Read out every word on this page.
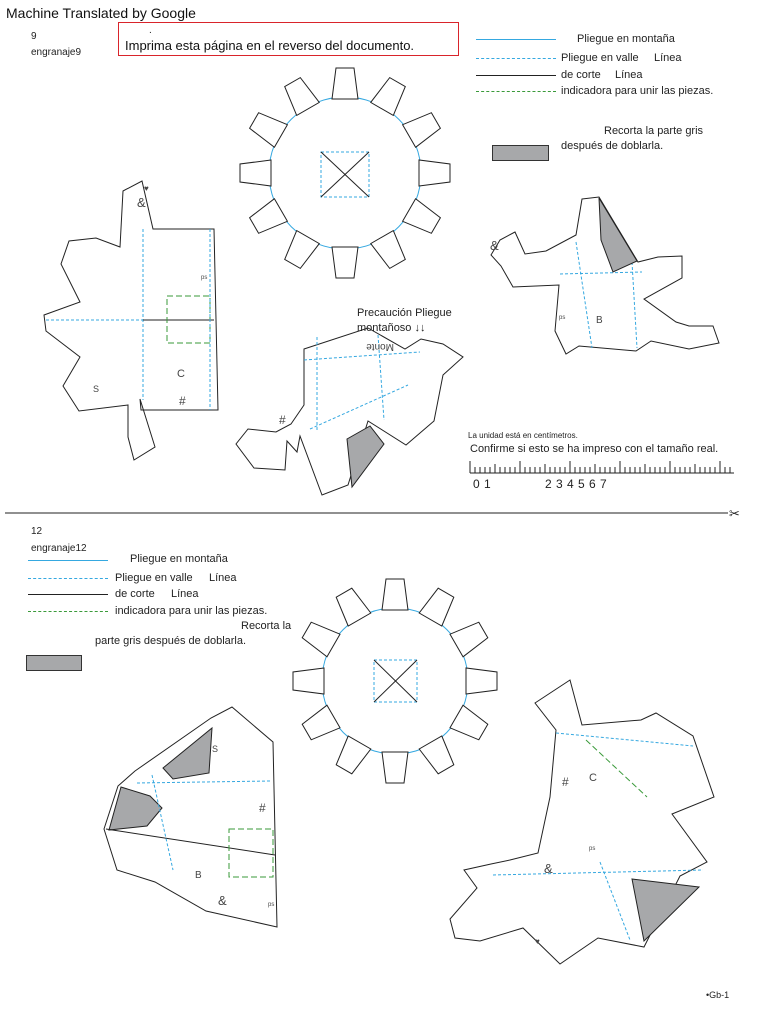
Machine Translated by Google
9
engranaje9
.
Imprima esta página en el reverso del documento.	Pliegue en montaña
Pliegue en valle Línea
de corte Línea
indicadora para unir las piezas.
Recorta la parte gris
después de doblarla.
Precaución Pliegue
montañoso ↓↓
La unidad está en centímetros.
Confirme si esto se ha impreso con el tamaño real.
0 1	2 3 4 5 6 7
12
engranaje12
Pliegue en montaña
Pliegue en valle Línea
de corte Línea
indicadora para unir las piezas.
Recorta la
parte gris después de doblarla.
•Gb-1
&
♥
ps
C
#
S
#
&
B
ps
Monte
S
#
B
&	ps
C
#
&
ps
♥
✂
